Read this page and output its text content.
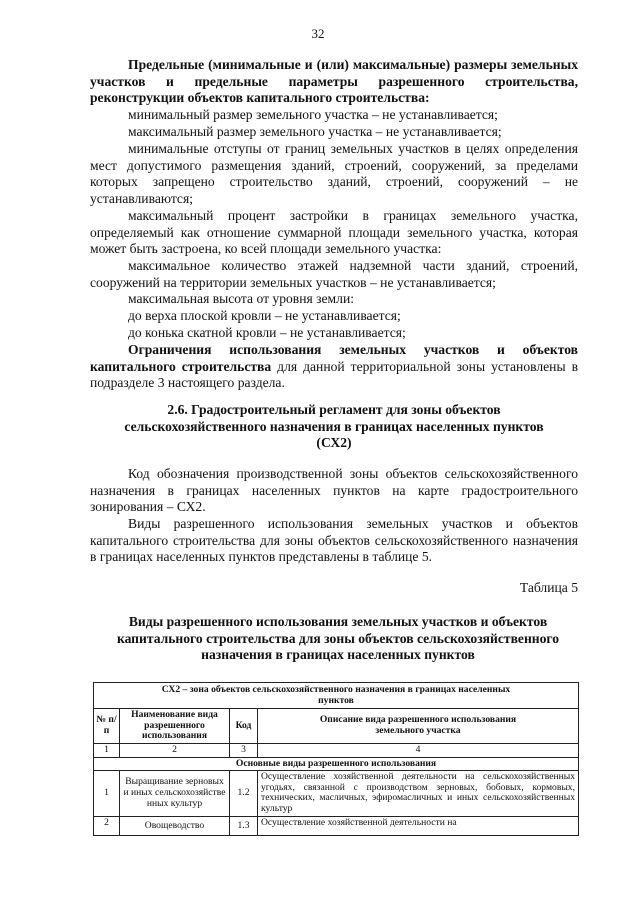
32

Предельные (минимальные и (или) максимальные) размеры земельных участков и предельные параметры разрешенного строительства, реконструкции объектов капитального строительства:

минимальный размер земельного участка – не устанавливается;

максимальный размер земельного участка – не устанавливается;

минимальные отступы от границ земельных участков в целях определения мест допустимого размещения зданий, строений, сооружений, за пределами которых запрещено строительство зданий, строений, сооружений – не устанавливаются;

максимальный процент застройки в границах земельного участка, определяемый как отношение суммарной площади земельного участка, которая может быть застроена, ко всей площади земельного участка:

максимальное количество этажей надземной части зданий, строений, сооружений на территории земельных участков – не устанавливается;

максимальная высота от уровня земли:

до верха плоской кровли – не устанавливается;

до конька скатной кровли – не устанавливается;

Ограничения использования земельных участков и объектов капитального строительства для данной территориальной зоны установлены в подразделе 3 настоящего раздела.

2.6. Градостроительный регламент для зоны объектов сельскохозяйственного назначения в границах населенных пунктов (СХ2)

Код обозначения производственной зоны объектов сельскохозяйственного назначения в границах населенных пунктов на карте градостроительного зонирования – СХ2.

Виды разрешенного использования земельных участков и объектов капитального строительства для зоны объектов сельскохозяйственного назначения в границах населенных пунктов представлены в таблице 5.

Таблица 5

Виды разрешенного использования земельных участков и объектов капитального строительства для зоны объектов сельскохозяйственного назначения в границах населенных пунктов

СХ2 – зона объектов сельскохозяйственного назначения в границах населенных пунктов			
№ п/п	Наименование вида разрешенного использования	Код	Описание вида разрешенного использования земельного участка
1	2	3	4
Основные виды разрешенного использования			
1	Выращивание зерновых и иных сельскохозяйственных культур	1.2	Осуществление хозяйственной деятельности на сельскохозяйственных угодьях, связанной с производством зерновых, бобовых, кормовых, технических, масличных, эфиромасличных и иных сельскохозяйственных культур
2	Овощеводство	1.3	Осуществление хозяйственной деятельности на
